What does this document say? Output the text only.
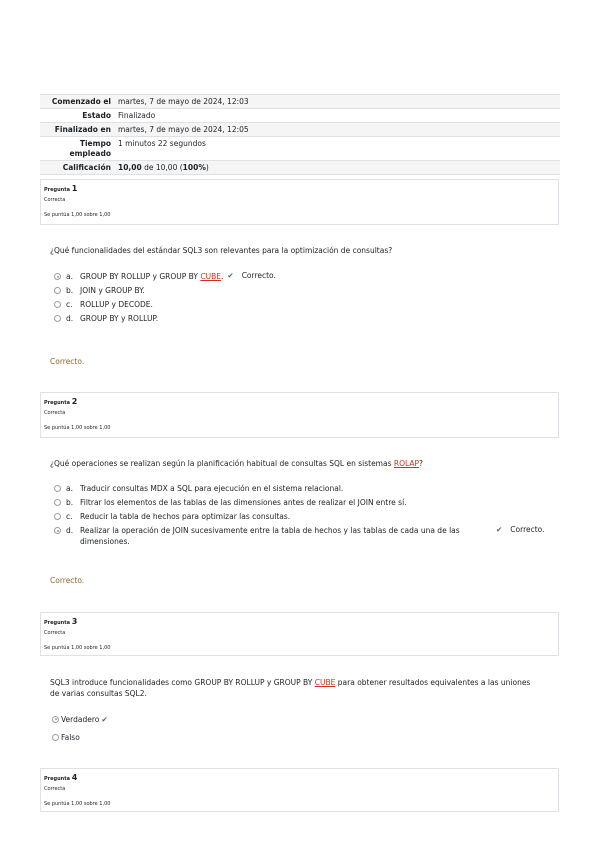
Comenzado el martes, 7 de mayo de 2024, 12:03
Estado Finalizado
Finalizado en martes, 7 de mayo de 2024, 12:05
Tiempo
empleado
1 minutos 22 segundos
Calificación 10,00 de 10,00 (100%)
Pregunta 1
Correcta
Se puntúa 1,00 sobre 1,00
¿Qué funcionalidades del estándar SQL3 son relevantes para la optimización de consultas?
a. GROUP BY ROLLUP y GROUP BY CUBE. ✔ Correcto.
b. JOIN y GROUP BY.
c. ROLLUP y DECODE.
d. GROUP BY y ROLLUP.
Correcto.
Pregunta 2
Correcta
Se puntúa 1,00 sobre 1,00
¿Qué operaciones se realizan según la planificación habitual de consultas SQL en sistemas ROLAP?
a. Traducir consultas MDX a SQL para ejecución en el sistema relacional.
b. Filtrar los elementos de las tablas de las dimensiones antes de realizar el JOIN entre sí.
c. Reducir la tabla de hechos para optimizar las consultas.
d. Realizar la operación de JOIN sucesivamente entre la tabla de hechos y las tablas de cada una de las
dimensiones.
✔ Correcto.
Correcto.
Pregunta 3
Correcta
Se puntúa 1,00 sobre 1,00
SQL3 introduce funcionalidades como GROUP BY ROLLUP y GROUP BY CUBE para obtener resultados equivalentes a las uniones de varias consultas SQL2.
Verdadero ✔
Falso
Pregunta 4
Correcta
Se puntúa 1,00 sobre 1,00
